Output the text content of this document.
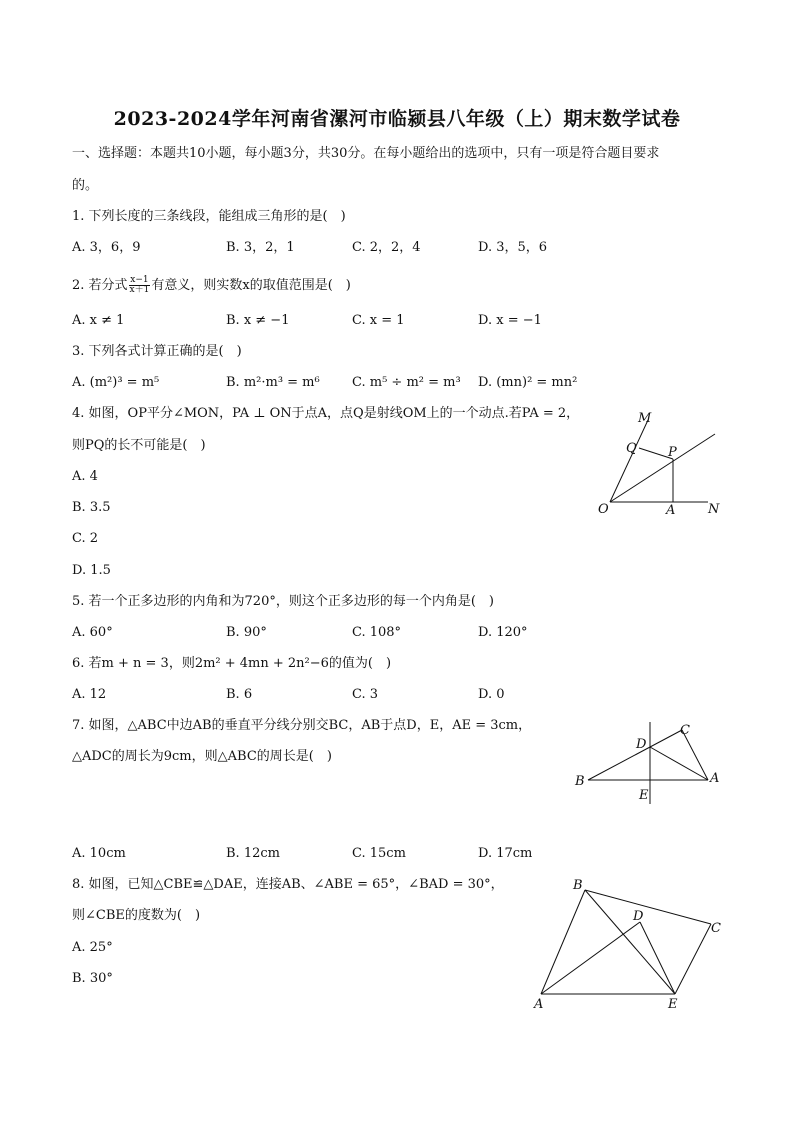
2023-2024学年河南省漯河市临颍县八年级（上）期末数学试卷
一、选择题：本题共10小题，每小题3分，共30分。在每小题给出的选项中，只有一项是符合题目要求
的。
1. 下列长度的三条线段，能组成三角形的是(　)
A. 3，6，9	B. 3，2，1	C. 2，2，4	D. 3，5，6
2. 若分式 $\frac{x-1}{x+1}$ 有意义，则实数x的取值范围是(　)
A. x ≠ 1	B. x ≠ −1	C. x = 1	D. x = −1
3. 下列各式计算正确的是(　)
A. (m²)³ = m⁵	B. m²·m³ = m⁶ C. m⁵ ÷ m² = m³ D. (mn)² = mn²
4. 如图，OP平分∠MON，PA ⊥ ON于点A，点Q是射线OM上的一个动点.若PA = 2，
则PQ的长不可能是(　)
A. 4
B. 3.5
C. 2
D. 1.5
M
Q P
O	A	N
5. 若一个正多边形的内角和为720°，则这个正多边形的每一个内角是(　)
A. 60°	B. 90°	C. 108°	D. 120°
6. 若m + n = 3，则2m² + 4mn + 2n²−6的值为(　)
A. 12	B. 6	C. 3	D. 0
7. 如图，△ABC中边AB的垂直平分线分别交BC，AB于点D，E，AE = 3cm，
△ADC的周长为9cm，则△ABC的周长是(　)
C
D
B	A
E
A. 10cm	B. 12cm	C. 15cm	D. 17cm
8. 如图，已知△CBE≌△DAE，连接AB、∠ABE = 65°，∠BAD = 30°，
则∠CBE的度数为(　)
A. 25°
B. 30°
B
D
C
A	E
